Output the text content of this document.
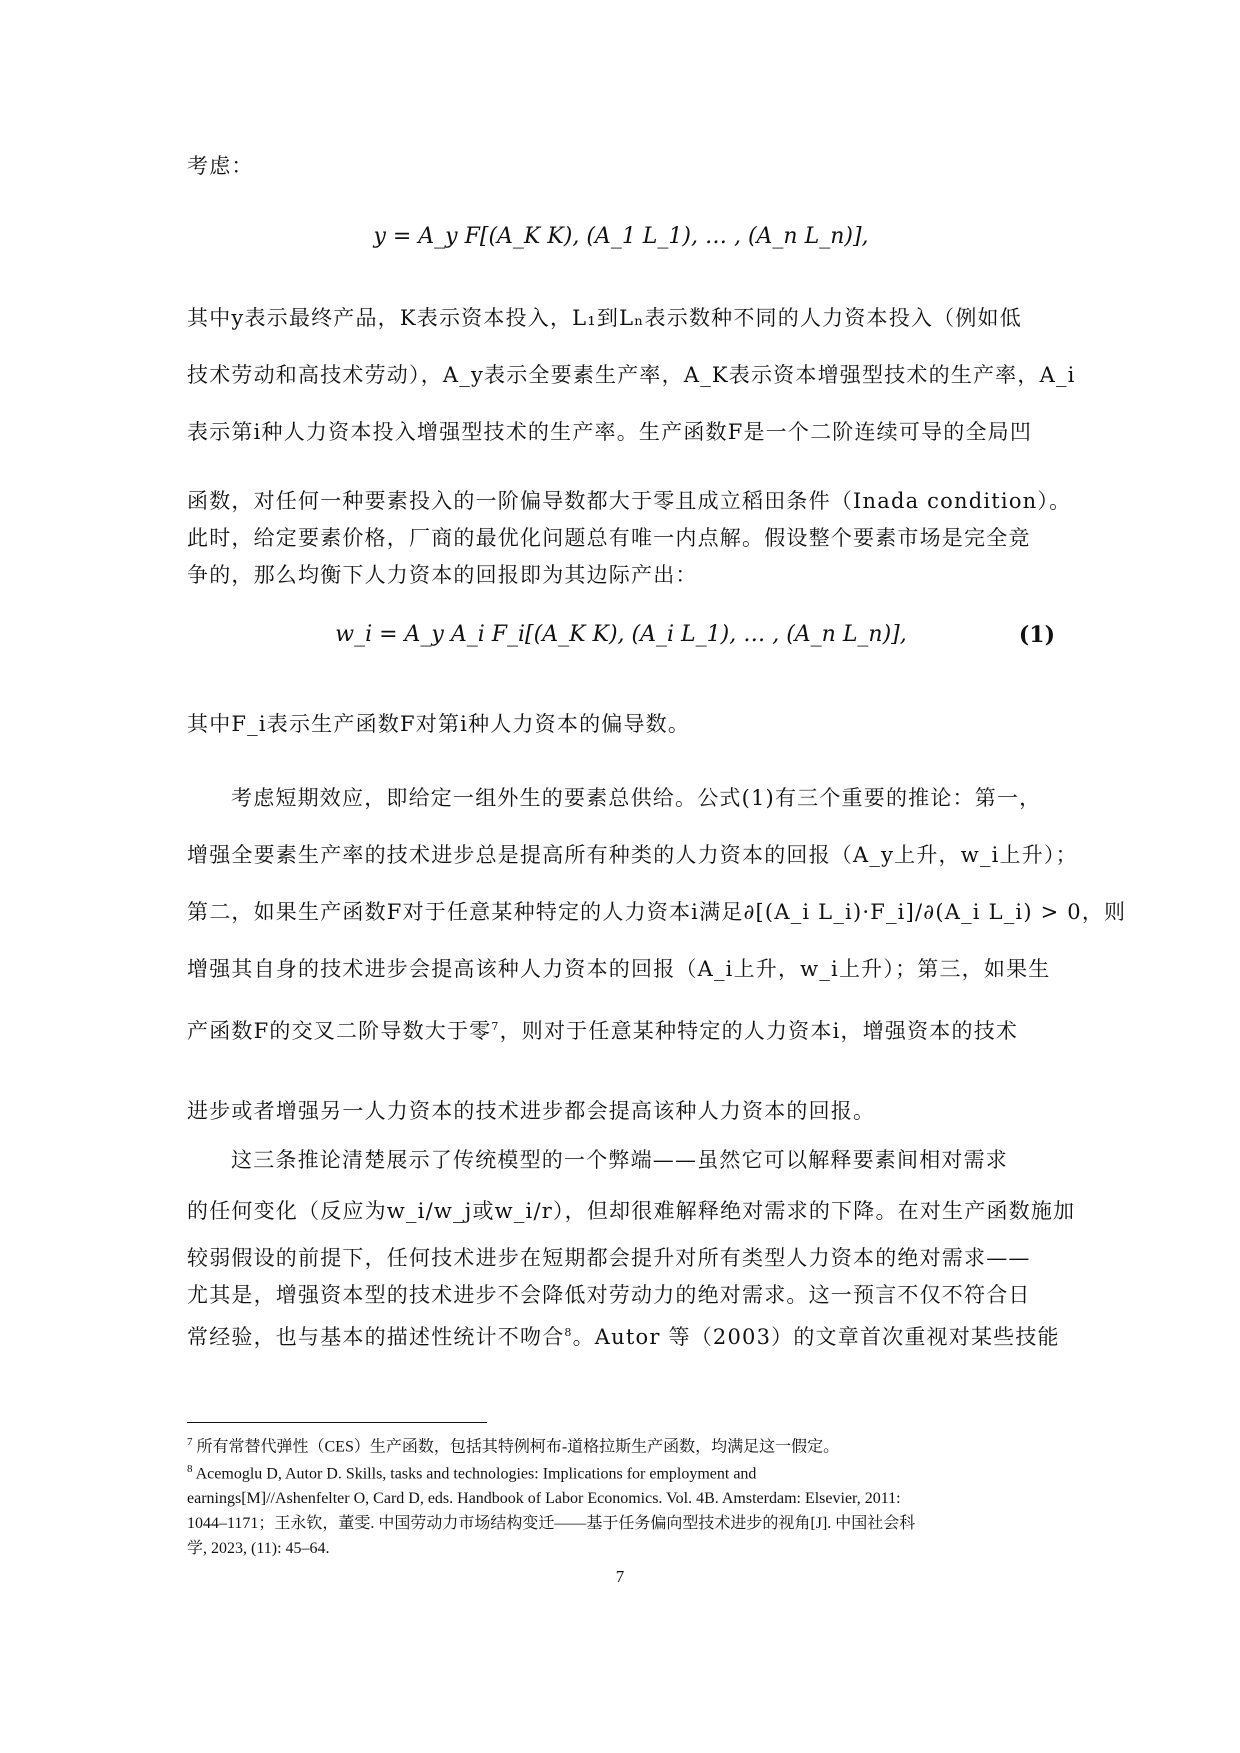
考虑：
y = A_y F[(A_K K), (A_1 L_1), … , (A_n L_n)],
其中y表示最终产品，K表示资本投入，L₁到Lₙ表示数种不同的人力资本投入（例如低
技术劳动和高技术劳动），A_y表示全要素生产率，A_K表示资本增强型技术的生产率，A_i
表示第i种人力资本投入增强型技术的生产率。生产函数F是一个二阶连续可导的全局凹
函数，对任何一种要素投入的一阶偏导数都大于零且成立稻田条件（Inada condition）。
此时，给定要素价格，厂商的最优化问题总有唯一内点解。假设整个要素市场是完全竞
争的，那么均衡下人力资本的回报即为其边际产出：
w_i = A_y A_i F_i[(A_K K), (A_i L_1), … , (A_n L_n)],	(1)
其中F_i表示生产函数F对第i种人力资本的偏导数。
考虑短期效应，即给定一组外生的要素总供给。公式(1)有三个重要的推论：第一，
增强全要素生产率的技术进步总是提高所有种类的人力资本的回报（A_y上升，w_i上升）；
第二，如果生产函数F对于任意某种特定的人力资本i满足∂[(A_i L_i)·F_i]/∂(A_i L_i) > 0，则
增强其自身的技术进步会提高该种人力资本的回报（A_i上升，w_i上升）；第三，如果生
产函数F的交叉二阶导数大于零$^7$，则对于任意某种特定的人力资本i，增强资本的技术
进步或者增强另一人力资本的技术进步都会提高该种人力资本的回报。
这三条推论清楚展示了传统模型的一个弊端——虽然它可以解释要素间相对需求
的任何变化（反应为w_i/w_j或w_i/r），但却很难解释绝对需求的下降。在对生产函数施加
较弱假设的前提下，任何技术进步在短期都会提升对所有类型人力资本的绝对需求——
尤其是，增强资本型的技术进步不会降低对劳动力的绝对需求。这一预言不仅不符合日
常经验，也与基本的描述性统计不吻合$^8$。Autor 等（2003）的文章首次重视对某些技能
$^7$ 所有常替代弹性（CES）生产函数，包括其特例柯布-道格拉斯生产函数，均满足这一假定。
$^8$ Acemoglu D, Autor D. Skills, tasks and technologies: Implications for employment and
earnings[M]//Ashenfelter O, Card D, eds. Handbook of Labor Economics. Vol. 4B. Amsterdam: Elsevier, 2011:
1044–1171；王永钦，董雯. 中国劳动力市场结构变迁——基于任务偏向型技术进步的视角[J]. 中国社会科
学, 2023, (11): 45–64.
7
